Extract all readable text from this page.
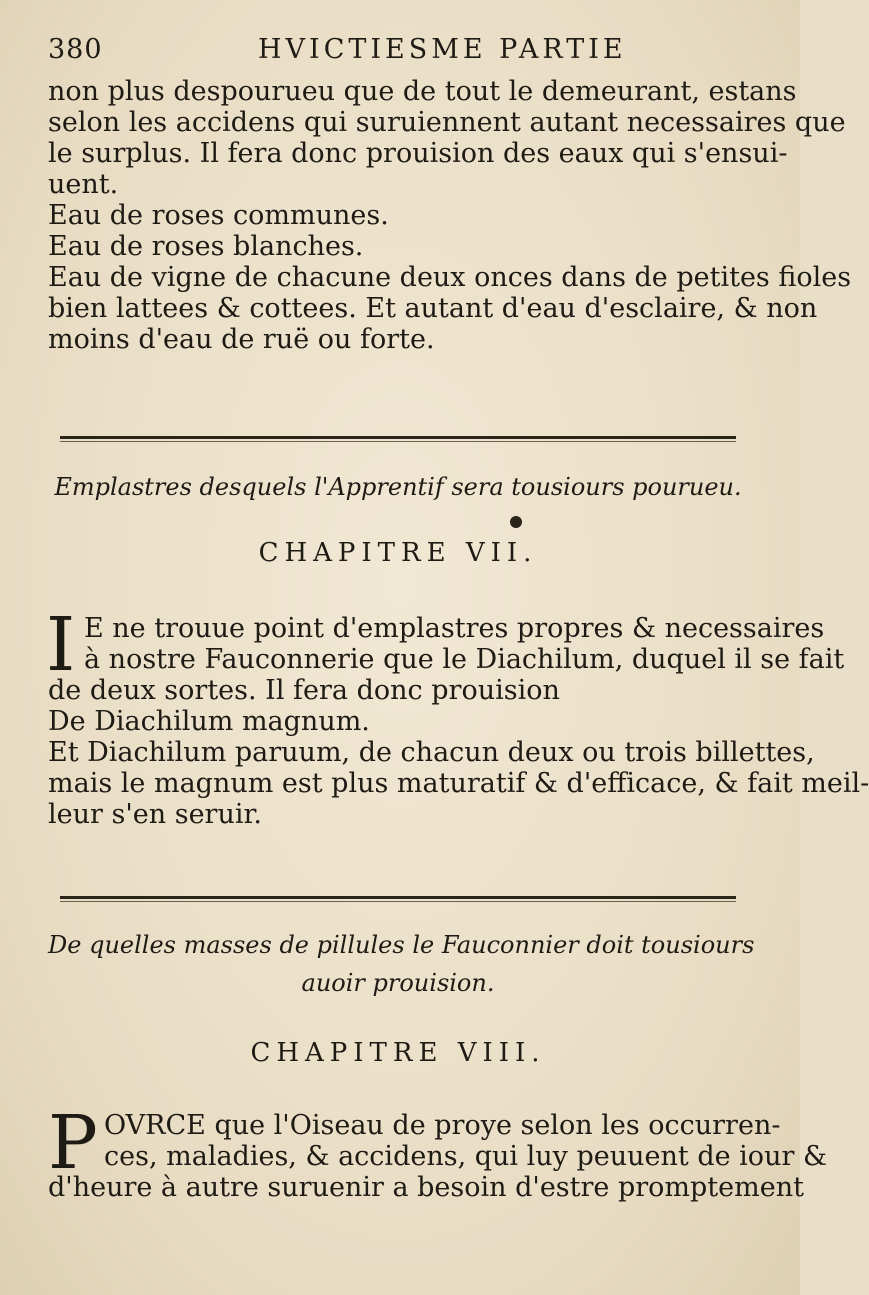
380	HVICTIESME PARTIE
non plus despourueu que de tout le demeurant, estans
selon les accidens qui suruiennent autant necessaires que
le surplus. Il fera donc prouision des eaux qui s'ensui-
uent.
Eau de roses communes.
Eau de roses blanches.
Eau de vigne de chacune deux onces dans de petites fioles
bien lattees & cottees. Et autant d'eau d'esclaire, & non
moins d'eau de ruë ou forte.
Emplastres desquels l'Apprentif sera tousiours pourueu.
CHAPITRE VII.
I E ne trouue point d'emplastres propres & necessaires
à nostre Fauconnerie que le Diachilum, duquel il se fait
de deux sortes. Il fera donc prouision
De Diachilum magnum.
Et Diachilum paruum, de chacun deux ou trois billettes,
mais le magnum est plus maturatif & d'efficace, & fait meil-
leur s'en seruir.
De quelles masses de pillules le Fauconnier doit tousiours
auoir prouision.
CHAPITRE VIII.
P OVRCE que l'Oiseau de proye selon les occurren-
ces, maladies, & accidens, qui luy peuuent de iour &
d'heure à autre suruenir a besoin d'estre promptement
